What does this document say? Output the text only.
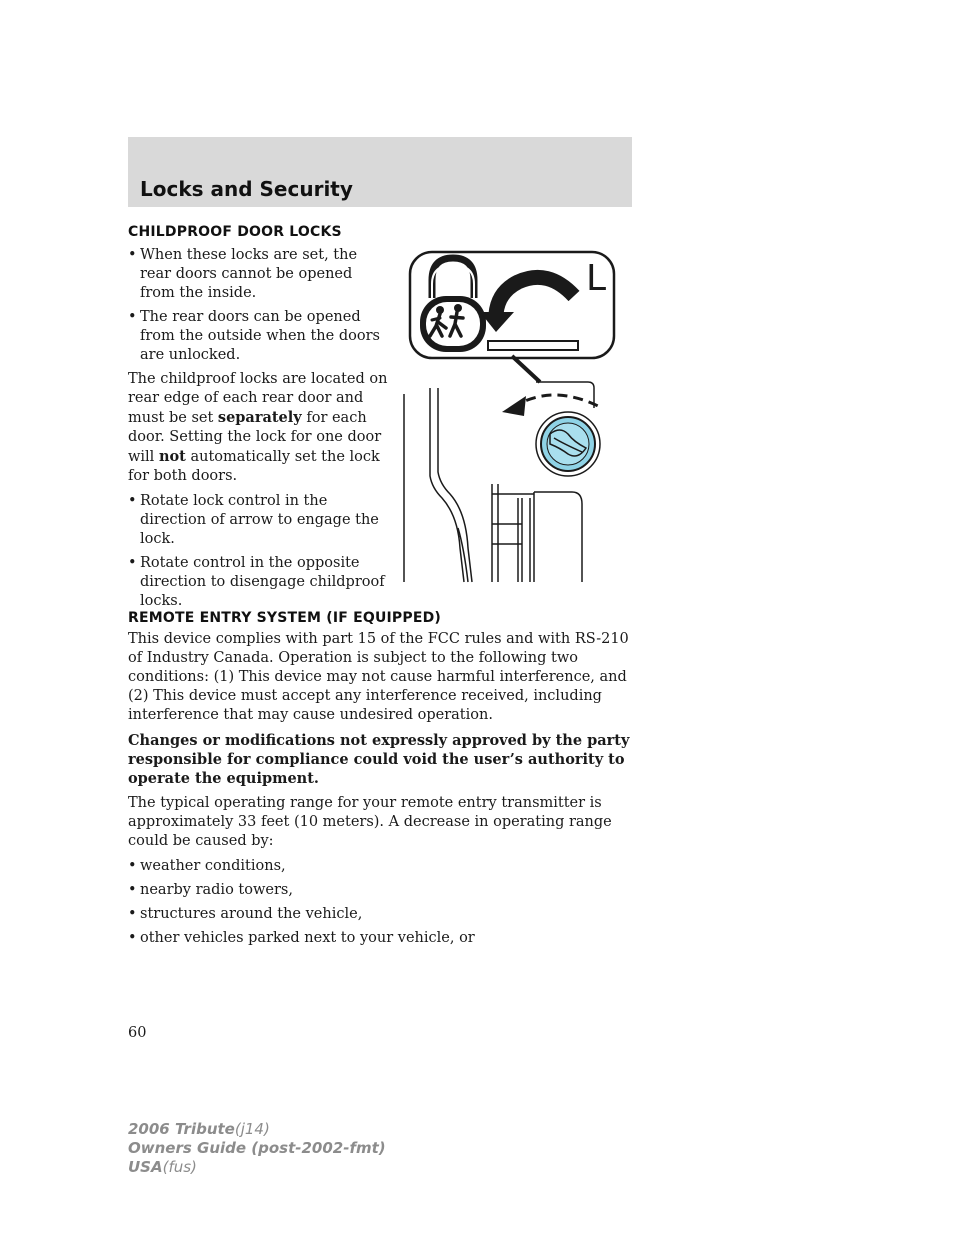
Locks and Security
CHILDPROOF DOOR LOCKS
• When these locks are set, the rear doors cannot be opened from the inside.
• The rear doors can be opened from the outside when the doors are unlocked.

The childproof locks are located on rear edge of each rear door and must be set separately for each door. Setting the lock for one door will not automatically set the lock for both doors.

• Rotate lock control in the direction of arrow to engage the lock.
• Rotate control in the opposite direction to disengage childproof locks.
L
REMOTE ENTRY SYSTEM (IF EQUIPPED)

This device complies with part 15 of the FCC rules and with RS-210 of Industry Canada. Operation is subject to the following two conditions: (1) This device may not cause harmful interference, and (2) This device must accept any interference received, including interference that may cause undesired operation.

Changes or modifications not expressly approved by the party responsible for compliance could void the user’s authority to operate the equipment.

The typical operating range for your remote entry transmitter is approximately 33 feet (10 meters). A decrease in operating range could be caused by:

• weather conditions,
• nearby radio towers,
• structures around the vehicle,
• other vehicles parked next to your vehicle, or
60
2006 Tribute(j14)
Owners Guide (post-2002-fmt)
USA(fus)
